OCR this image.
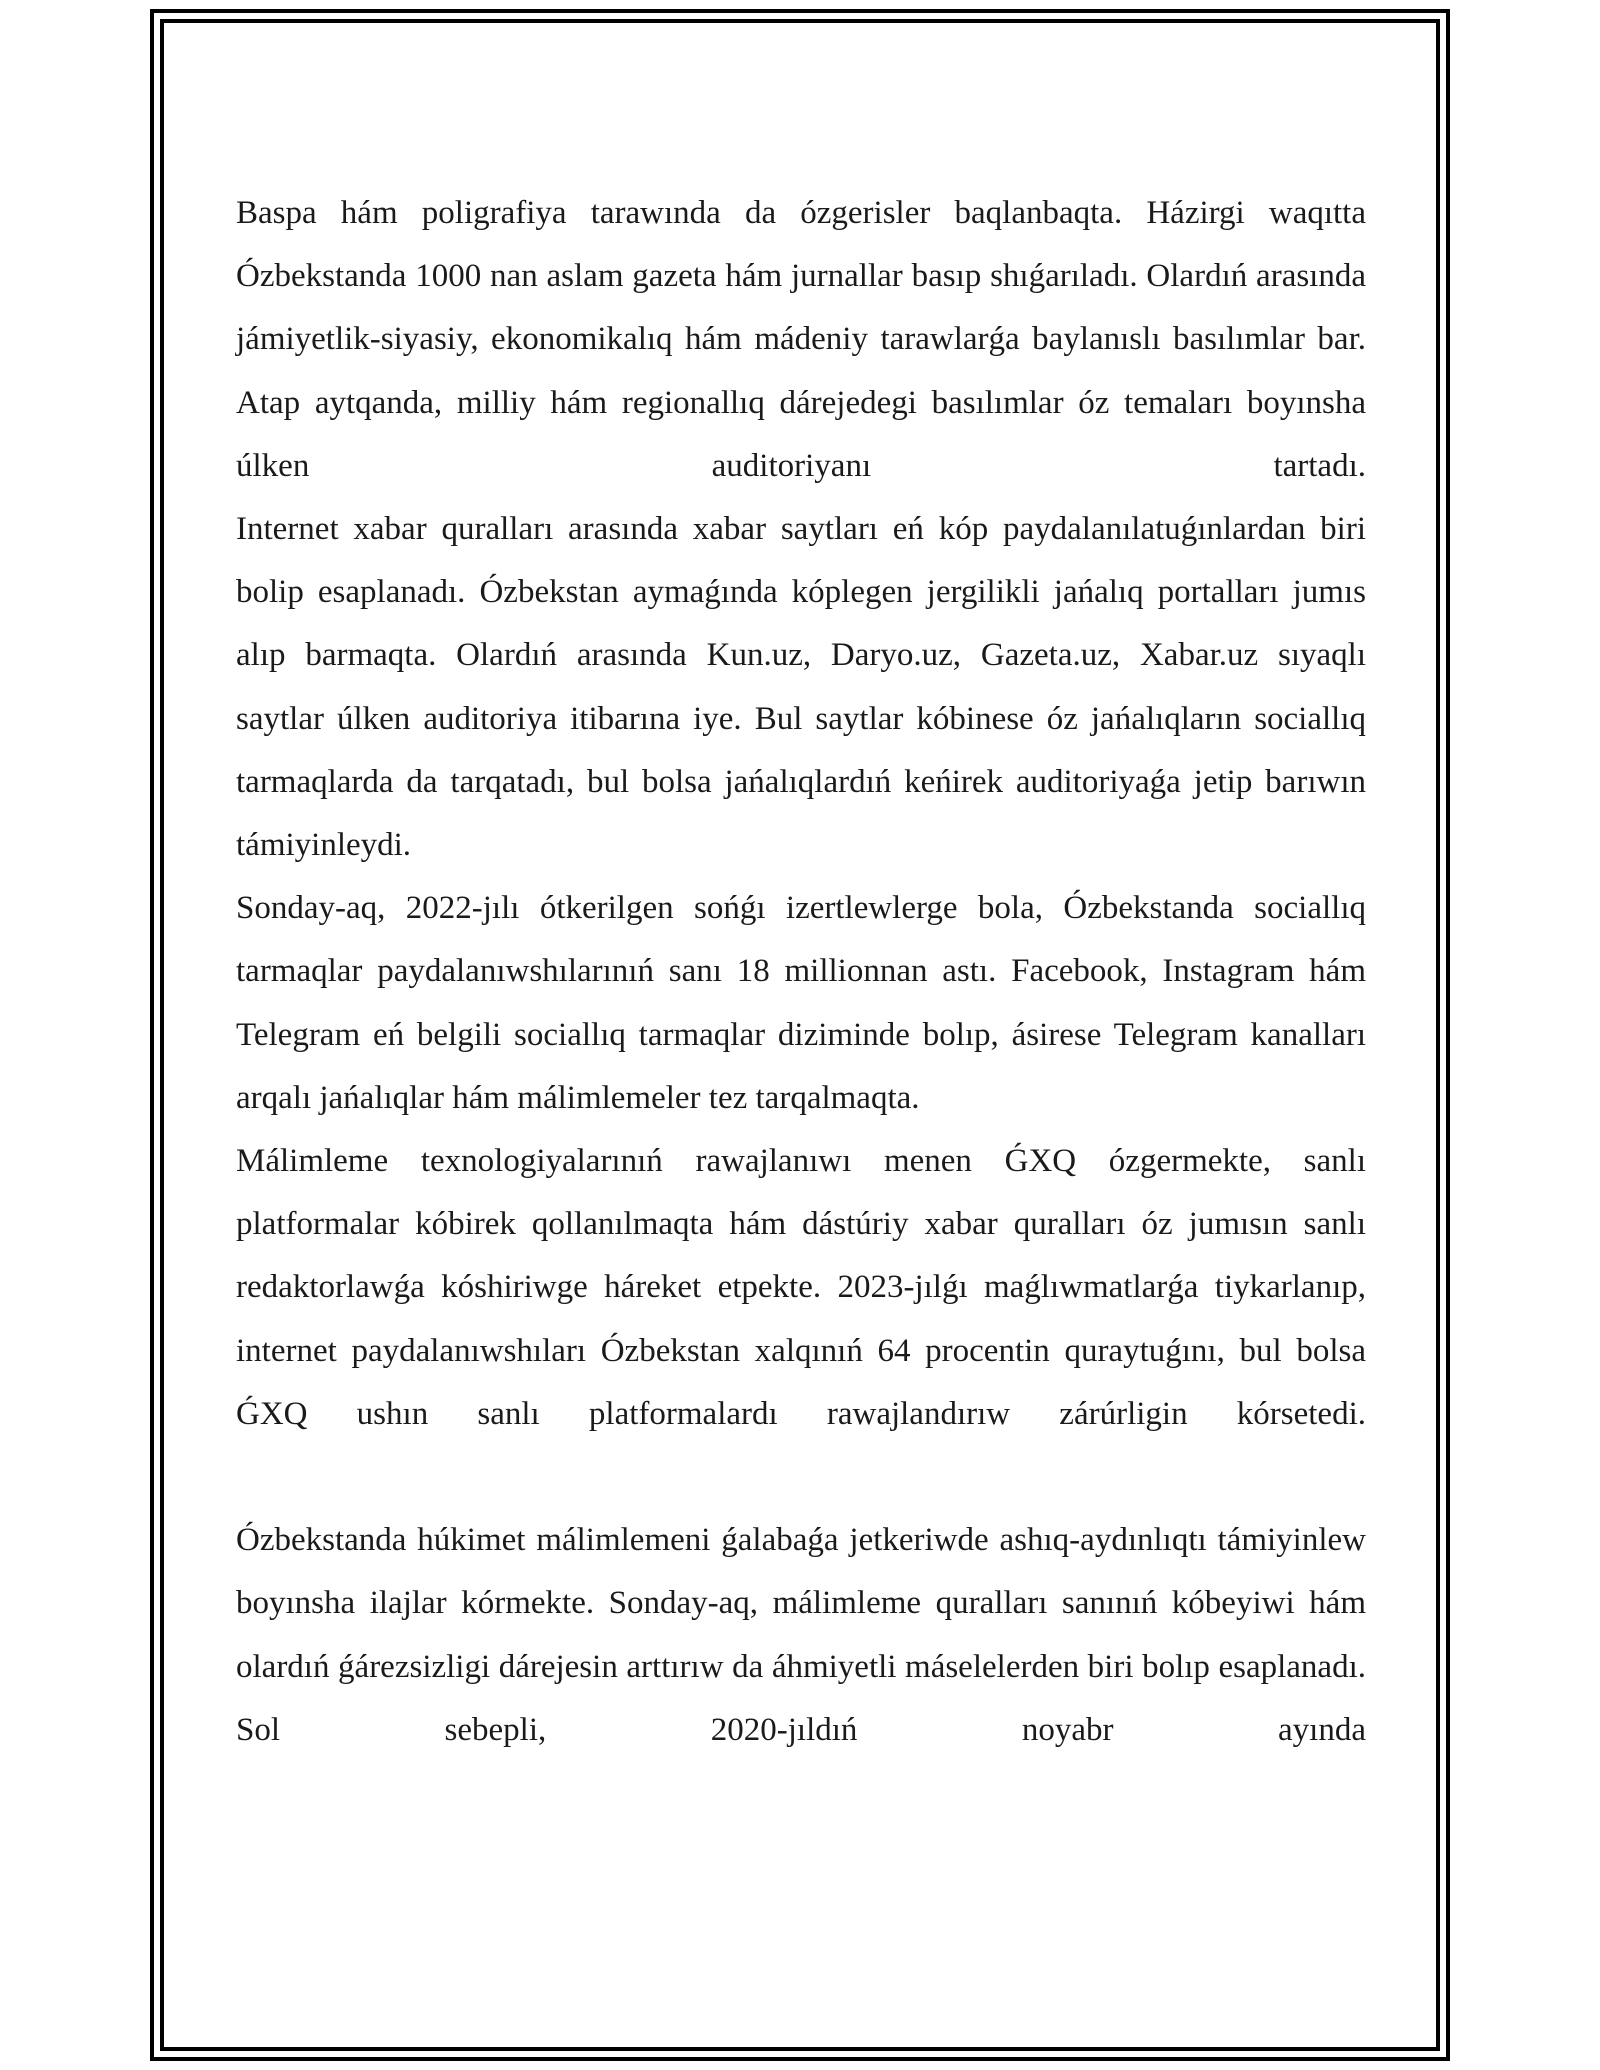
Baspa hám poligrafiya tarawında da ózgerisler baqlanbaqta. Házirgi waqıtta Ózbekstanda 1000 nan aslam gazeta hám jurnallar basıp shıǵarıladı. Olardıń arasında jámiyetlik-siyasiy, ekonomikalıq hám mádeniy tarawlarǵa baylanıslı basılımlar bar. Atap aytqanda, milliy hám regionallıq dárejedegi basılımlar óz temaları boyınsha úlken auditoriyanı tartadı.

Internet xabar quralları arasında xabar saytları eń kóp paydalanılatuǵınlardan biri bolip esaplanadı. Ózbekstan aymaǵında kóplegen jergilikli jańalıq portalları jumıs alıp barmaqta. Olardıń arasında Kun.uz, Daryo.uz, Gazeta.uz, Xabar.uz sıyaqlı saytlar úlken auditoriya itibarına iye. Bul saytlar kóbinese óz jańalıqların sociallıq tarmaqlarda da tarqatadı, bul bolsa jańalıqlardıń keńirek auditoriyaǵa jetip barıwın támiyinleydi.

Sonday-aq, 2022-jılı ótkerilgen sońǵı izertlewlerge bola, Ózbekstanda sociallıq tarmaqlar paydalanıwshılarınıń sanı 18 millionnan astı. Facebook, Instagram hám Telegram eń belgili sociallıq tarmaqlar diziminde bolıp, ásirese Telegram kanalları arqalı jańalıqlar hám málimlemeler tez tarqalmaqta.

Málimleme texnologiyalarınıń rawajlanıwı menen ǴXQ ózgermekte, sanlı platformalar kóbirek qollanılmaqta hám dástúriy xabar quralları óz jumısın sanlı redaktorlawǵa kóshiriwge háreket etpekte. 2023-jılǵı maǵlıwmatlarǵa tiykarlanıp, internet paydalanıwshıları Ózbekstan xalqınıń 64 procentin quraytuǵını, bul bolsa ǴXQ ushın sanlı platformalardı rawajlandırıw zárúrligin kórsetedi.

Ózbekstanda húkimet málimlemeni ǵalabaǵa jetkeriwde ashıq-aydınlıqtı támiyinlew boyınsha ilajlar kórmekte. Sonday-aq, málimleme quralları sanınıń kóbeyiwi hám olardıń ǵárezsizligi dárejesin arttırıw da áhmiyetli máselelerden biri bolıp esaplanadı. Sol sebepli, 2020-jıldıń noyabr ayında
